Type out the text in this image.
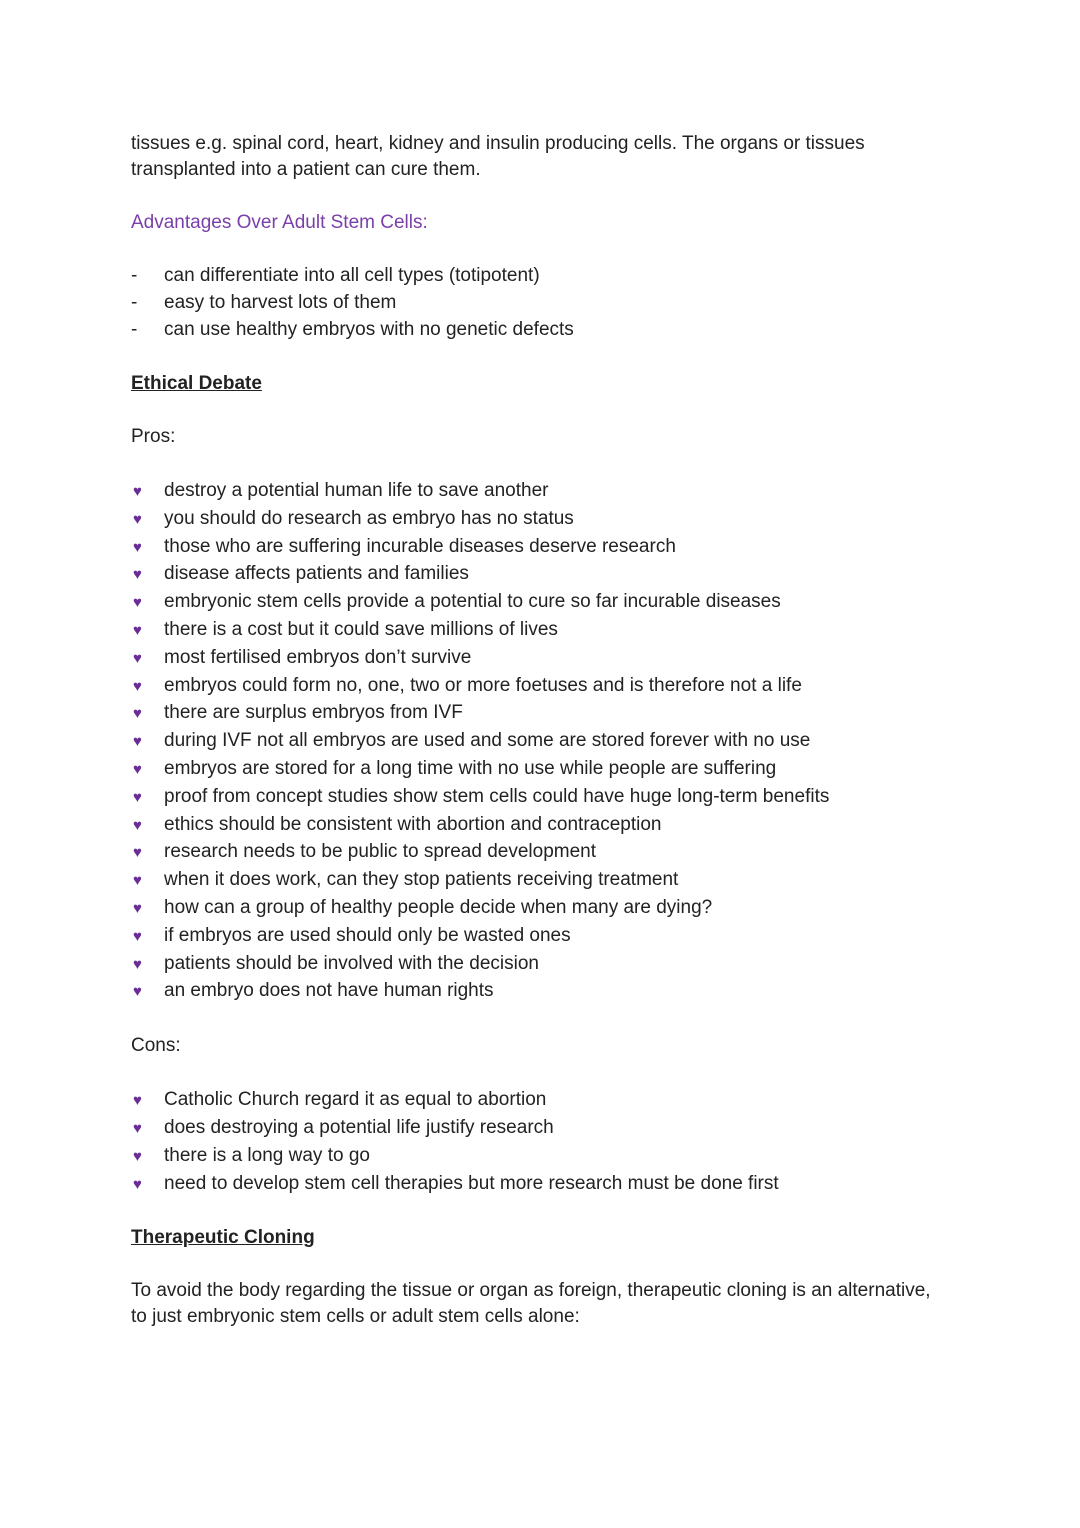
tissues e.g. spinal cord, heart, kidney and insulin producing cells. The organs or tissues transplanted into a patient can cure them.

Advantages Over Adult Stem Cells:

- can differentiate into all cell types (totipotent)
- easy to harvest lots of them
- can use healthy embryos with no genetic defects

Ethical Debate

Pros:

♥ destroy a potential human life to save another
♥ you should do research as embryo has no status
♥ those who are suffering incurable diseases deserve research
♥ disease affects patients and families
♥ embryonic stem cells provide a potential to cure so far incurable diseases
♥ there is a cost but it could save millions of lives
♥ most fertilised embryos don’t survive
♥ embryos could form no, one, two or more foetuses and is therefore not a life
♥ there are surplus embryos from IVF
♥ during IVF not all embryos are used and some are stored forever with no use
♥ embryos are stored for a long time with no use while people are suffering
♥ proof from concept studies show stem cells could have huge long-term benefits
♥ ethics should be consistent with abortion and contraception
♥ research needs to be public to spread development
♥ when it does work, can they stop patients receiving treatment
♥ how can a group of healthy people decide when many are dying?
♥ if embryos are used should only be wasted ones
♥ patients should be involved with the decision
♥ an embryo does not have human rights

Cons:

♥ Catholic Church regard it as equal to abortion
♥ does destroying a potential life justify research
♥ there is a long way to go
♥ need to develop stem cell therapies but more research must be done first

Therapeutic Cloning

To avoid the body regarding the tissue or organ as foreign, therapeutic cloning is an alternative, to just embryonic stem cells or adult stem cells alone:
